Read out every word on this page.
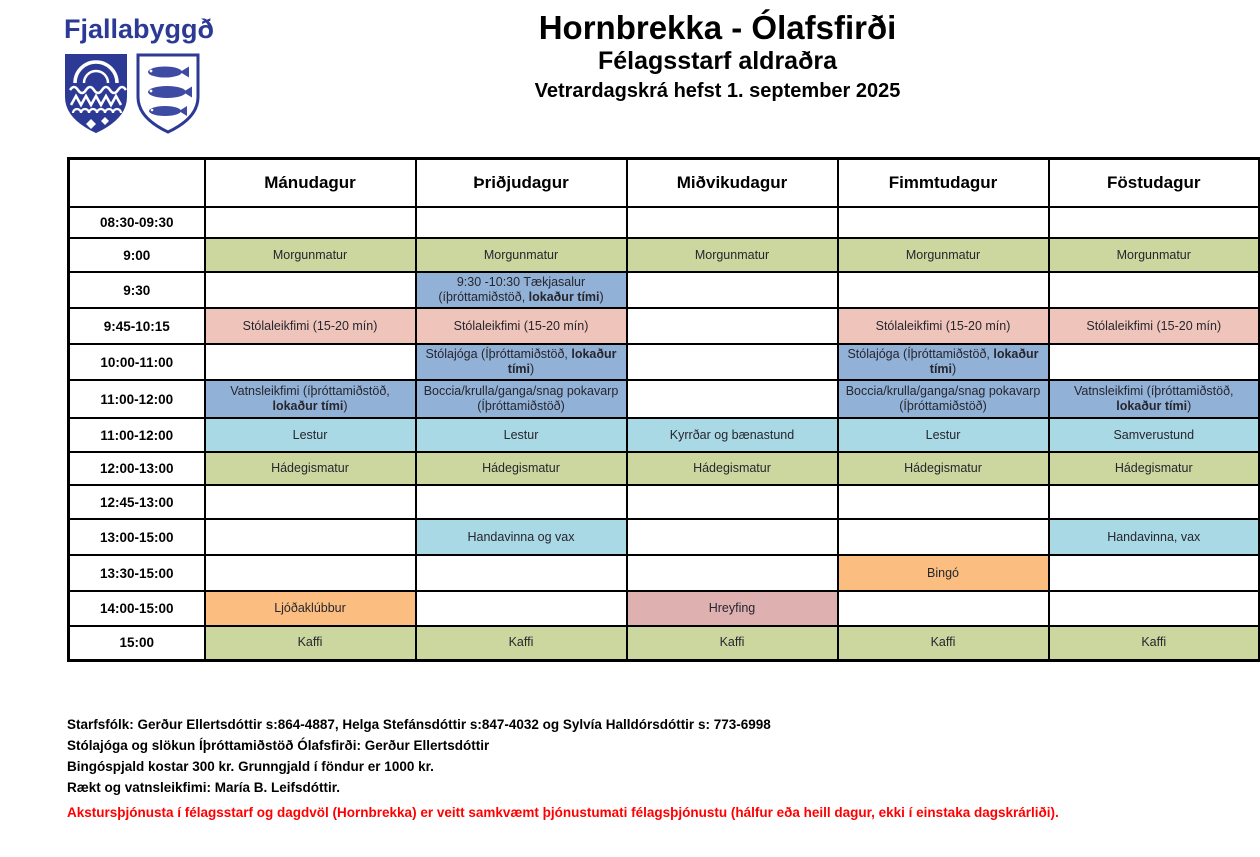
Fjallabyggð	Hornbrekka - Ólafsfirði
Félagsstarf aldraðra
Vetrardagskrá hefst 1. september 2025
	Mánudagur	Þriðjudagur	Miðvikudagur	Fimmtudagur	Föstudagur
08:30-09:30					
9:00	Morgunmatur	Morgunmatur	Morgunmatur	Morgunmatur	Morgunmatur
9:30		9:30 -10:30 Tækjasalur (íþróttamiðstöð, lokaður tími)			
9:45-10:15	Stólaleikfimi (15-20 mín)	Stólaleikfimi (15-20 mín)		Stólaleikfimi (15-20 mín)	Stólaleikfimi (15-20 mín)
10:00-11:00		Stólajóga (Íþróttamiðstöð, lokaður tími)		Stólajóga (Íþróttamiðstöð, lokaður tími)	
11:00-12:00	Vatnsleikfimi (íþróttamiðstöð, lokaður tími)	Boccia/krulla/ganga/snag pokavarp (Íþróttamiðstöð)		Boccia/krulla/ganga/snag pokavarp (Íþróttamiðstöð)	Vatnsleikfimi (íþróttamiðstöð, lokaður tími)
11:00-12:00	Lestur	Lestur	Kyrrðar og bænastund	Lestur	Samverustund
12:00-13:00	Hádegismatur	Hádegismatur	Hádegismatur	Hádegismatur	Hádegismatur
12:45-13:00					
13:00-15:00		Handavinna og vax			Handavinna, vax
13:30-15:00				Bingó	
14:00-15:00	Ljóðaklúbbur		Hreyfing		
15:00	Kaffi	Kaffi	Kaffi	Kaffi	Kaffi
Starfsfólk: Gerður Ellertsdóttir s:864-4887, Helga Stefánsdóttir s:847-4032 og Sylvía Halldórsdóttir s: 773-6998
Stólajóga og slökun Íþróttamiðstöð Ólafsfirði: Gerður Ellertsdóttir
Bingóspjald kostar 300 kr. Grunngjald í föndur er 1000 kr.
Rækt og vatnsleikfimi: María B. Leifsdóttir.
Akstursþjónusta í félagsstarf og dagdvöl (Hornbrekka) er veitt samkvæmt þjónustumati félagsþjónustu (hálfur eða heill dagur, ekki í einstaka dagskrárliði).
